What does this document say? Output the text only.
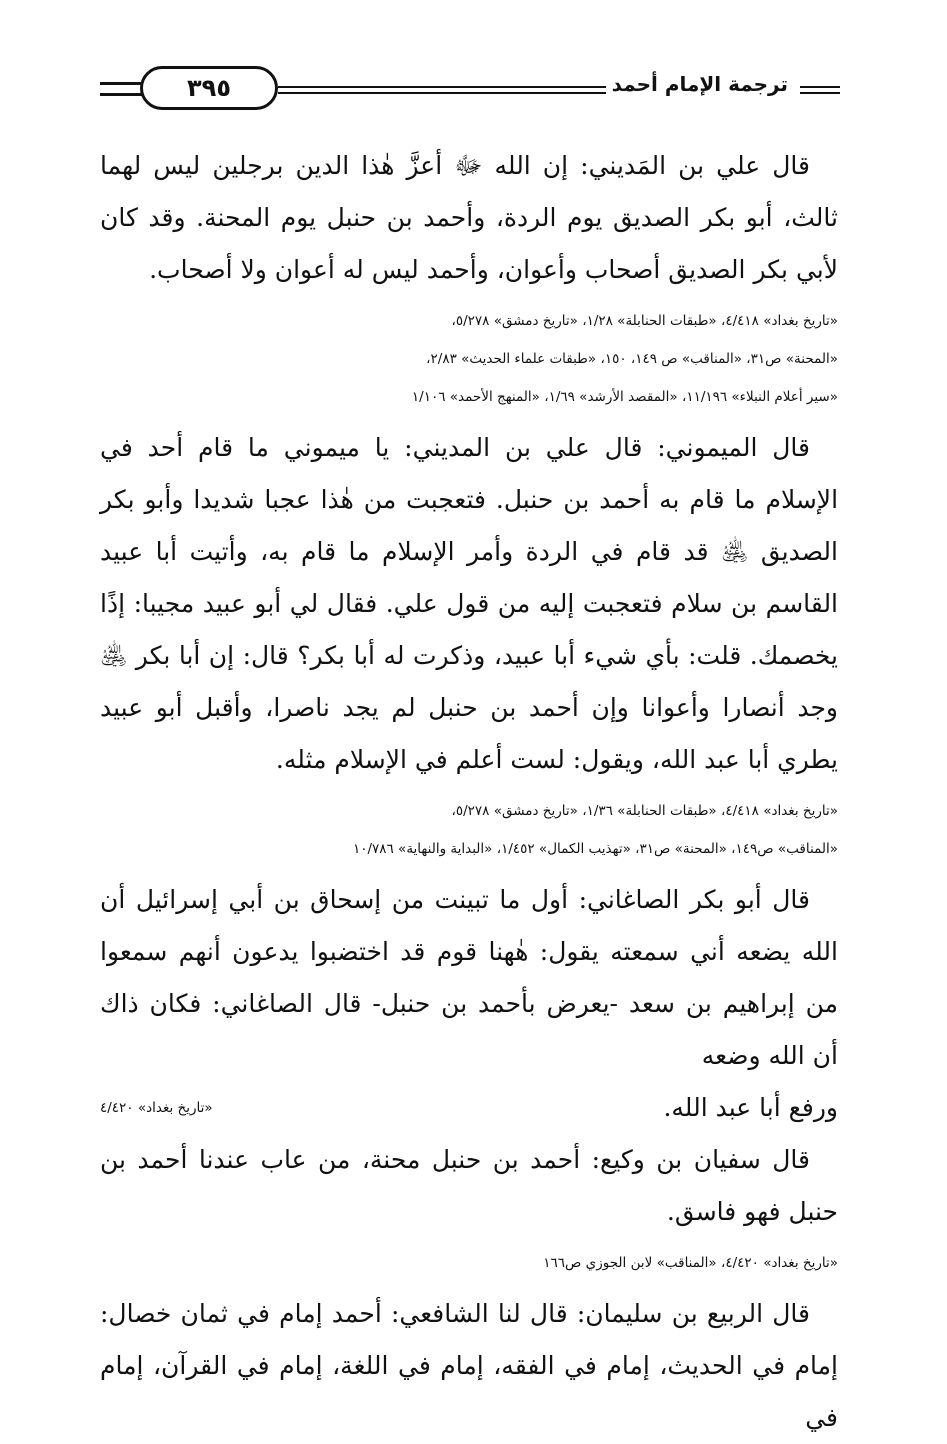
٣٩٥	ترجمة الإمام أحمد

قال علي بن المَديني: إن الله ﷻ أعزَّ هٰذا الدين برجلين ليس لهما ثالث، أبو بكر الصديق يوم الردة، وأحمد بن حنبل يوم المحنة. وقد كان لأبي بكر الصديق أصحاب وأعوان، وأحمد ليس له أعوان ولا أصحاب.

«تاريخ بغداد» ٤/٤١٨، «طبقات الحنابلة» ١/٢٨، «تاريخ دمشق» ٥/٢٧٨،

«المحنة» ص٣١، «المناقب» ص ١٤٩، ١٥٠، «طبقات علماء الحديث» ٢/٨٣،

«سير أعلام النبلاء» ١١/١٩٦، «المقصد الأرشد» ١/٦٩، «المنهج الأحمد» ١/١٠٦

قال الميموني: قال علي بن المديني: يا ميموني ما قام أحد في الإسلام ما قام به أحمد بن حنبل. فتعجبت من هٰذا عجبا شديدا وأبو بكر الصديق ﵁ قد قام في الردة وأمر الإسلام ما قام به، وأتيت أبا عبيد القاسم بن سلام فتعجبت إليه من قول علي. فقال لي أبو عبيد مجيبا: إذًا يخصمك. قلت: بأي شيء أبا عبيد، وذكرت له أبا بكر؟ قال: إن أبا بكر ﵁ وجد أنصارا وأعوانا وإن أحمد بن حنبل لم يجد ناصرا، وأقبل أبو عبيد يطري أبا عبد الله، ويقول: لست أعلم في الإسلام مثله.

«تاريخ بغداد» ٤/٤١٨، «طبقات الحنابلة» ١/٣٦، «تاريخ دمشق» ٥/٢٧٨،

«المناقب» ص١٤٩، «المحنة» ص٣١، «تهذيب الكمال» ١/٤٥٢، «البداية والنهاية» ١٠/٧٨٦

قال أبو بكر الصاغاني: أول ما تبينت من إسحاق بن أبي إسرائيل أن الله يضعه أني سمعته يقول: هٰهنا قوم قد اختضبوا يدعون أنهم سمعوا من إبراهيم بن سعد -يعرض بأحمد بن حنبل- قال الصاغاني: فكان ذاك أن الله وضعه

ورفع أبا عبد الله.

«تاريخ بغداد» ٤/٤٢٠

قال سفيان بن وكيع: أحمد بن حنبل محنة، من عاب عندنا أحمد بن حنبل فهو فاسق.

«تاريخ بغداد» ٤/٤٢٠، «المناقب» لابن الجوزي ص١٦٦

قال الربيع بن سليمان: قال لنا الشافعي: أحمد إمام في ثمان خصال: إمام في الحديث، إمام في الفقه، إمام في اللغة، إمام في القرآن، إمام في
